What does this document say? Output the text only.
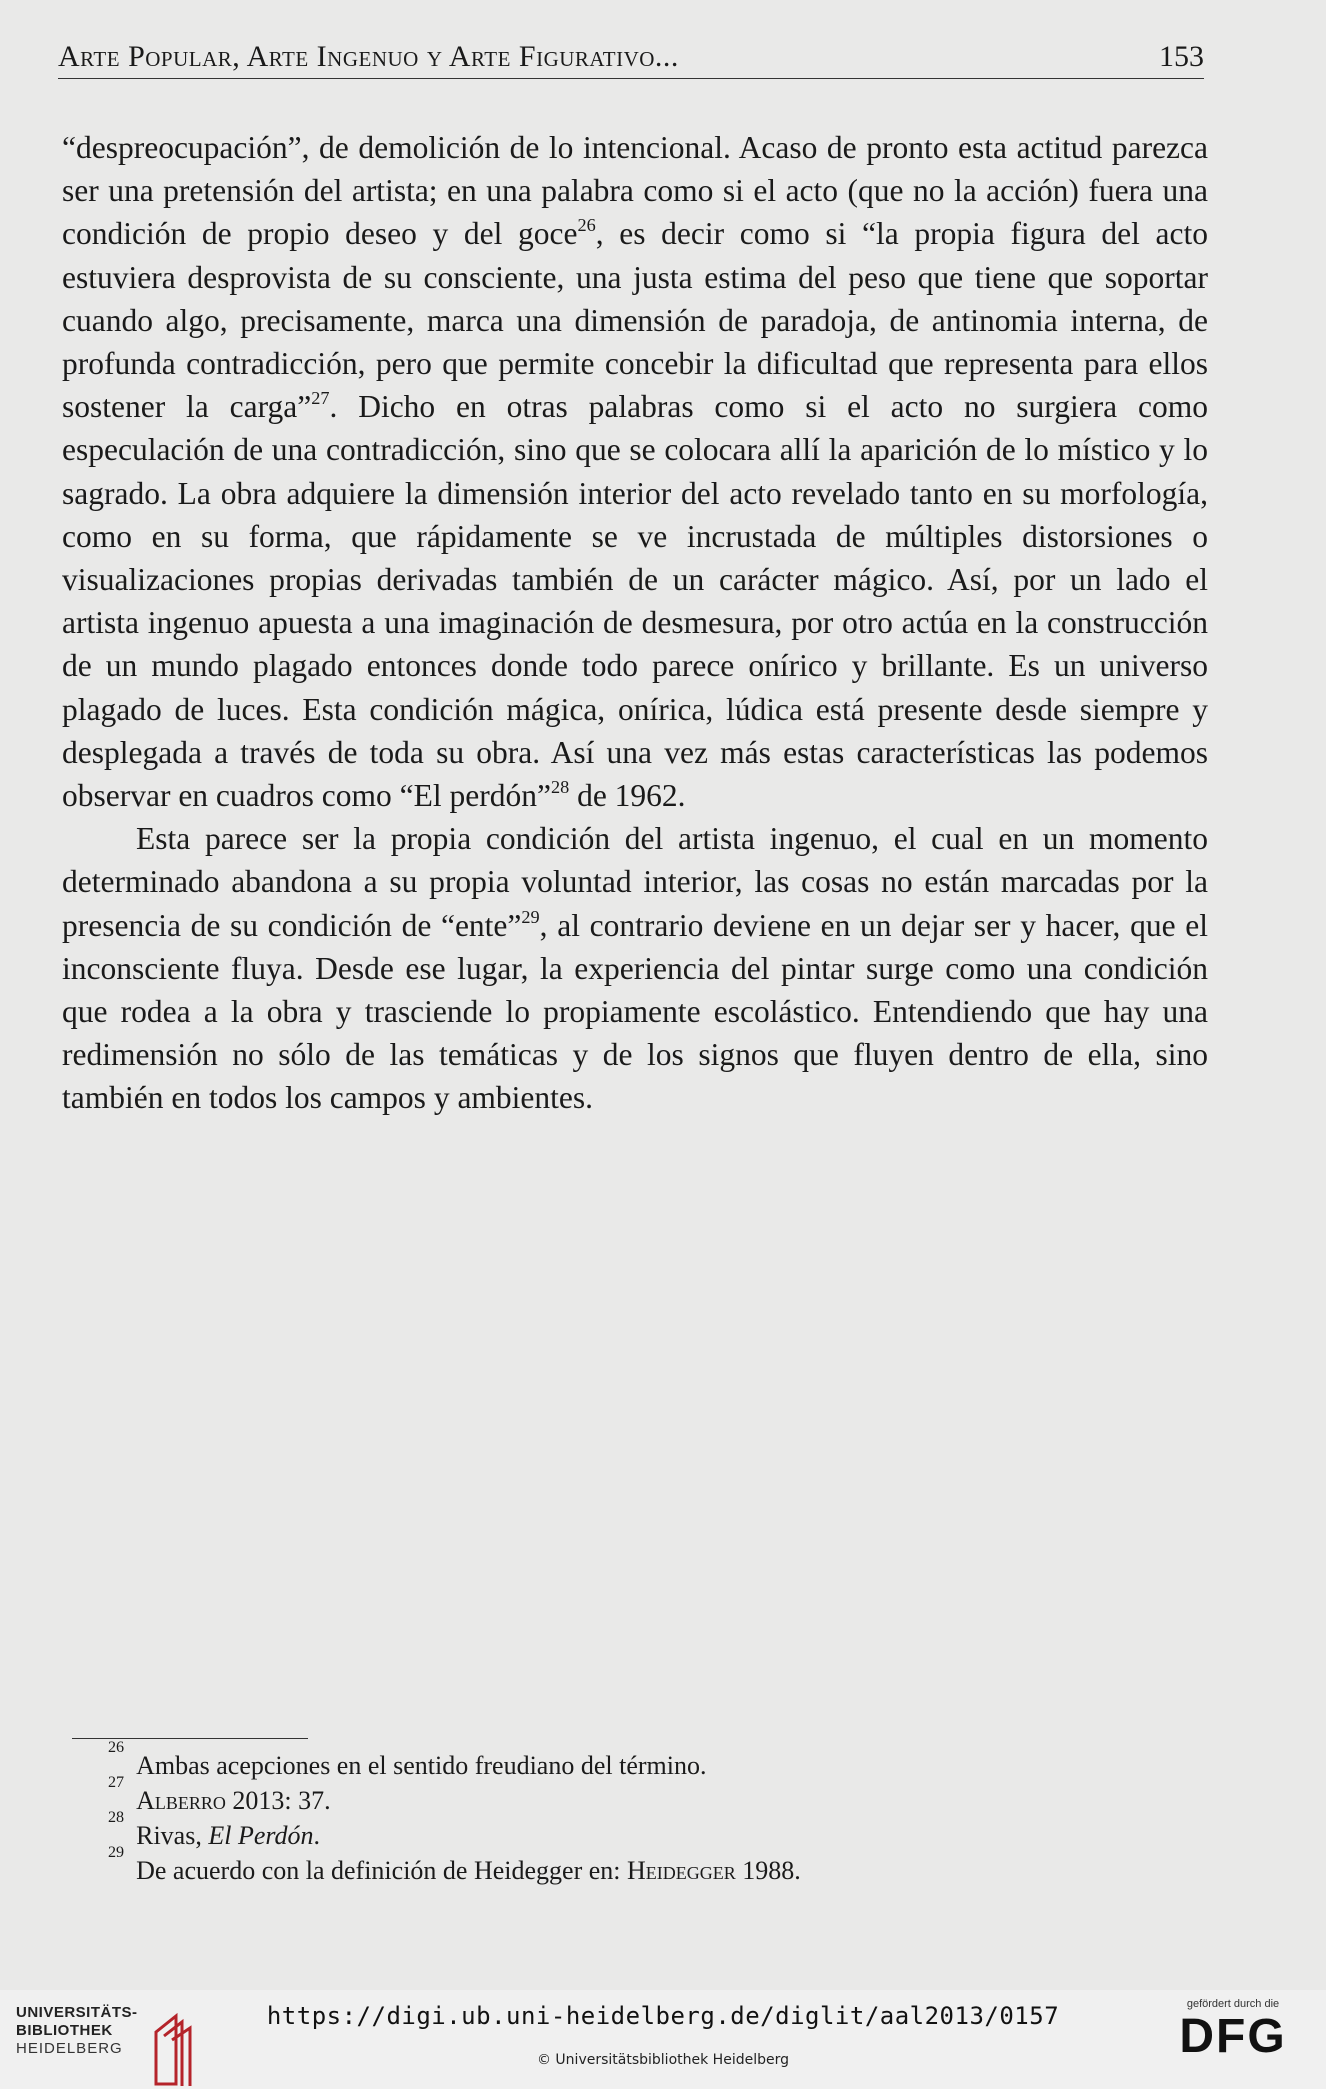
Arte Popular, Arte Ingenuo y Arte Figurativo...	153

“despreocupación”, de demolición de lo intencional. Acaso de pronto esta actitud parezca ser una pretensión del artista; en una palabra como si el acto (que no la acción) fuera una condición de propio deseo y del goce$^{26}$, es decir como si “la propia figura del acto estuviera desprovista de su consciente, una justa estima del peso que tiene que soportar cuando algo, precisamente, marca una dimensión de paradoja, de antinomia interna, de profunda contradicción, pero que permite concebir la dificultad que representa para ellos sostener la carga”$^{27}$. Dicho en otras palabras como si el acto no surgiera como especulación de una contradicción, sino que se colocara allí la aparición de lo místico y lo sagrado. La obra adquiere la dimensión interior del acto revelado tanto en su morfología, como en su forma, que rápidamente se ve incrustada de múltiples distorsiones o visualizaciones propias derivadas también de un carácter mágico. Así, por un lado el artista ingenuo apuesta a una imaginación de desmesura, por otro actúa en la construcción de un mundo plagado entonces donde todo parece onírico y brillante. Es un universo plagado de luces. Esta condición mágica, onírica, lúdica está presente desde siempre y desplegada a través de toda su obra. Así una vez más estas características las podemos observar en cuadros como “El perdón”$^{28}$ de 1962.

Esta parece ser la propia condición del artista ingenuo, el cual en un momento determinado abandona a su propia voluntad interior, las cosas no están marcadas por la presencia de su condición de “ente”$^{29}$, al contrario deviene en un dejar ser y hacer, que el inconsciente fluya. Desde ese lugar, la experiencia del pintar surge como una condición que rodea a la obra y trasciende lo propiamente escolástico. Entendiendo que hay una redimensión no sólo de las temáticas y de los signos que fluyen dentro de ella, sino también en todos los campos y ambientes.

26
Ambas acepciones en el sentido freudiano del término.
27
Alberro 2013: 37.
28
Rivas, El Perdón.
29
De acuerdo con la definición de Heidegger en: Heidegger 1988.
UNIVERSITÄTS-
BIBLIOTHEK
HEIDELBERG
https://digi.ub.uni-heidelberg.de/diglit/aal2013/0157
© Universitätsbibliothek Heidelberg
gefördert durch die
DFG
